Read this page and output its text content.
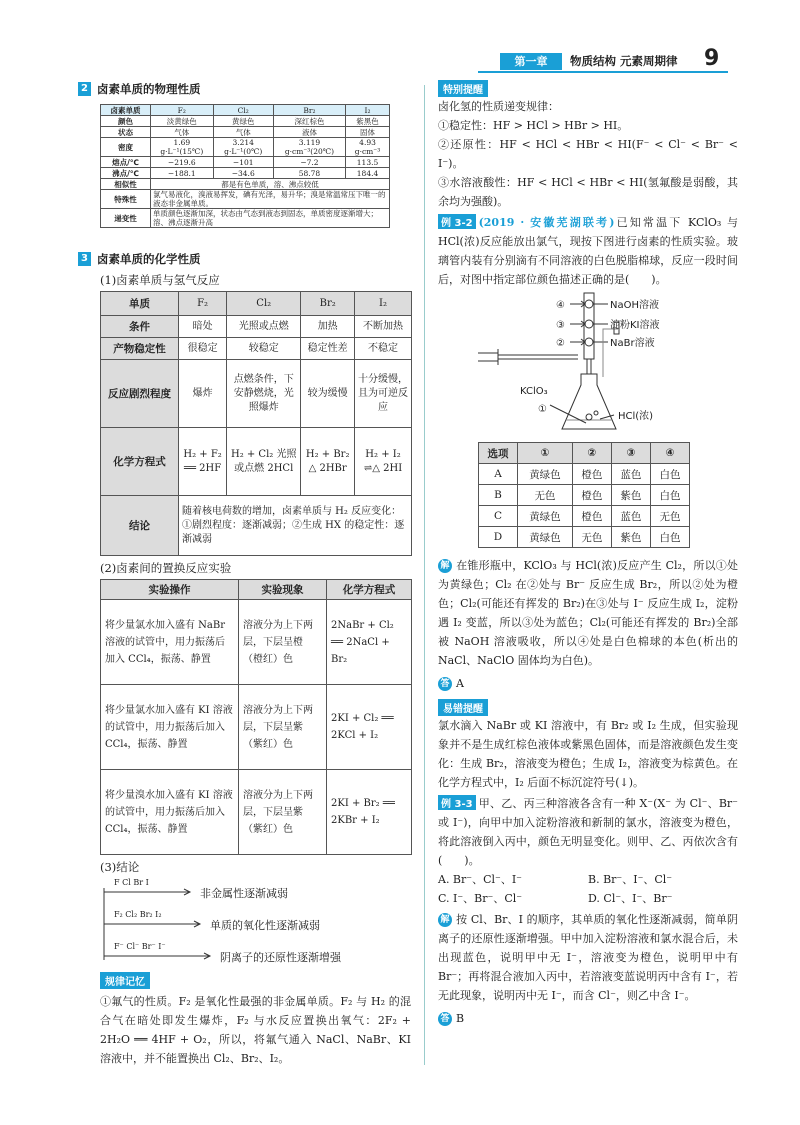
第一章	物质结构 元素周期律 9
2 卤素单质的物理性质
卤素单质	F₂	Cl₂	Br₂	I₂
颜色	淡黄绿色	黄绿色	深红棕色	紫黑色
状态	气体	气体	液体	固体
密度	1.69 g·L⁻¹(15℃)	3.214 g·L⁻¹(0℃)	3.119 g·cm⁻³(20℃)	4.93 g·cm⁻³
熔点/℃	−219.6	−101	−7.2	113.5
沸点/℃	−188.1	−34.6	58.78	184.4
相似性	都是有色单质，溶、沸点较低			
特殊性	氯气易液化，溴液易挥发，碘有光泽，易升华；溴是常温常压下唯一的液态非金属单质。			
递变性	单质颜色逐渐加深，状态由气态到液态到固态，单质密度逐渐增大；溶、沸点逐渐升高			
3 卤素单质的化学性质
(1)卤素单质与氢气反应
单质	F₂	Cl₂	Br₂	I₂
条件	暗处	光照或点燃	加热	不断加热
产物稳定性	很稳定	较稳定	稳定性差	不稳定
反应剧烈程度	爆炸	点燃条件，下安静燃烧，光照爆炸	较为缓慢	十分缓慢，且为可逆反应
化学方程式	H₂ + F₂ ══ 2HF	H₂ + Cl₂ 光照或点燃 2HCl	H₂ + Br₂ △ 2HBr	H₂ + I₂ ⇌△ 2HI
结论	随着核电荷数的增加，卤素单质与 H₂ 反应变化：①剧烈程度：逐渐减弱；②生成 HX 的稳定性：逐渐减弱			
(2)卤素间的置换反应实验
实验操作	实验现象	化学方程式
将少量氯水加入盛有 NaBr 溶液的试管中，用力振荡后加入 CCl₄，振荡、静置	溶液分为上下两层，下层呈橙（橙红）色	2NaBr + Cl₂ ══ 2NaCl + Br₂
将少量氯水加入盛有 KI 溶液的试管中，用力振荡后加入 CCl₄，振荡、静置	溶液分为上下两层，下层呈紫（紫红）色	2KI + Cl₂ ══ 2KCl + I₂
将少量溴水加入盛有 KI 溶液的试管中，用力振荡后加入 CCl₄，振荡、静置	溶液分为上下两层，下层呈紫（紫红）色	2KI + Br₂ ══ 2KBr + I₂
(3)结论
F Cl Br I
非金属性逐渐减弱
F₂ Cl₂ Br₂ I₂
单质的氧化性逐渐减弱
F⁻ Cl⁻ Br⁻ I⁻
阴离子的还原性逐渐增强
规律记忆

①氟气的性质。F₂ 是氧化性最强的非金属单质。F₂ 与 H₂ 的混合气在暗处即发生爆炸，F₂ 与水反应置换出氧气：2F₂ + 2H₂O ══ 4HF + O₂，所以，将氟气通入 NaCl、NaBr、KI 溶液中，并不能置换出 Cl₂、Br₂、I₂。

特别提醒

卤化氢的性质递变规律：

①稳定性：HF > HCl > HBr > HI。

②还原性：HF < HCl < HBr < HI(F⁻ < Cl⁻ < Br⁻ < I⁻)。

③水溶液酸性：HF < HCl < HBr < HI(氢氟酸是弱酸，其余均为强酸)。

例 3-2 (2019 · 安徽芜湖联考)已知常温下 KClO₃ 与 HCl(浓)反应能放出氯气，现按下图进行卤素的性质实验。玻璃管内装有分别滴有不同溶液的白色脱脂棉球，反应一段时间后，对图中指定部位颜色描述正确的是(　　)。

④
③
②
NaOH溶液
淀粉KI溶液
NaBr溶液
KClO₃
①
HCl(浓)
选项	①	②	③	④
A	黄绿色	橙色	蓝色	白色
B	无色	橙色	紫色	白色
C	黄绿色	橙色	蓝色	无色
D	黄绿色	无色	紫色	白色

解 在锥形瓶中，KClO₃ 与 HCl(浓)反应产生 Cl₂，所以①处为黄绿色；Cl₂ 在②处与 Br⁻ 反应生成 Br₂，所以②处为橙色；Cl₂(可能还有挥发的 Br₂)在③处与 I⁻ 反应生成 I₂，淀粉遇 I₂ 变蓝，所以③处为蓝色；Cl₂(可能还有挥发的 Br₂)全部被 NaOH 溶液吸收，所以④处是白色棉球的本色(析出的 NaCl、NaClO 固体均为白色)。

答 A

易错提醒

氯水滴入 NaBr 或 KI 溶液中，有 Br₂ 或 I₂ 生成，但实验现象并不是生成红棕色液体或紫黑色固体，而是溶液颜色发生变化：生成 Br₂，溶液变为橙色；生成 I₂，溶液变为棕黄色。在化学方程式中，I₂ 后面不标沉淀符号(↓)。

例 3-3 甲、乙、丙三种溶液各含有一种 X⁻(X⁻ 为 Cl⁻、Br⁻ 或 I⁻)，向甲中加入淀粉溶液和新制的氯水，溶液变为橙色，将此溶液倒入丙中，颜色无明显变化。则甲、乙、丙依次含有(　　)。

A. Br⁻、Cl⁻、I⁻	B. Br⁻、I⁻、Cl⁻
C. I⁻、Br⁻、Cl⁻	D. Cl⁻、I⁻、Br⁻

解 按 Cl、Br、I 的顺序，其单质的氧化性逐渐减弱，简单阴离子的还原性逐渐增强。甲中加入淀粉溶液和氯水混合后，未出现蓝色，说明甲中无 I⁻，溶液变为橙色，说明甲中有 Br⁻；再将混合液加入丙中，若溶液变蓝说明丙中含有 I⁻，若无此现象，说明丙中无 I⁻，而含 Cl⁻，则乙中含 I⁻。

答 B
